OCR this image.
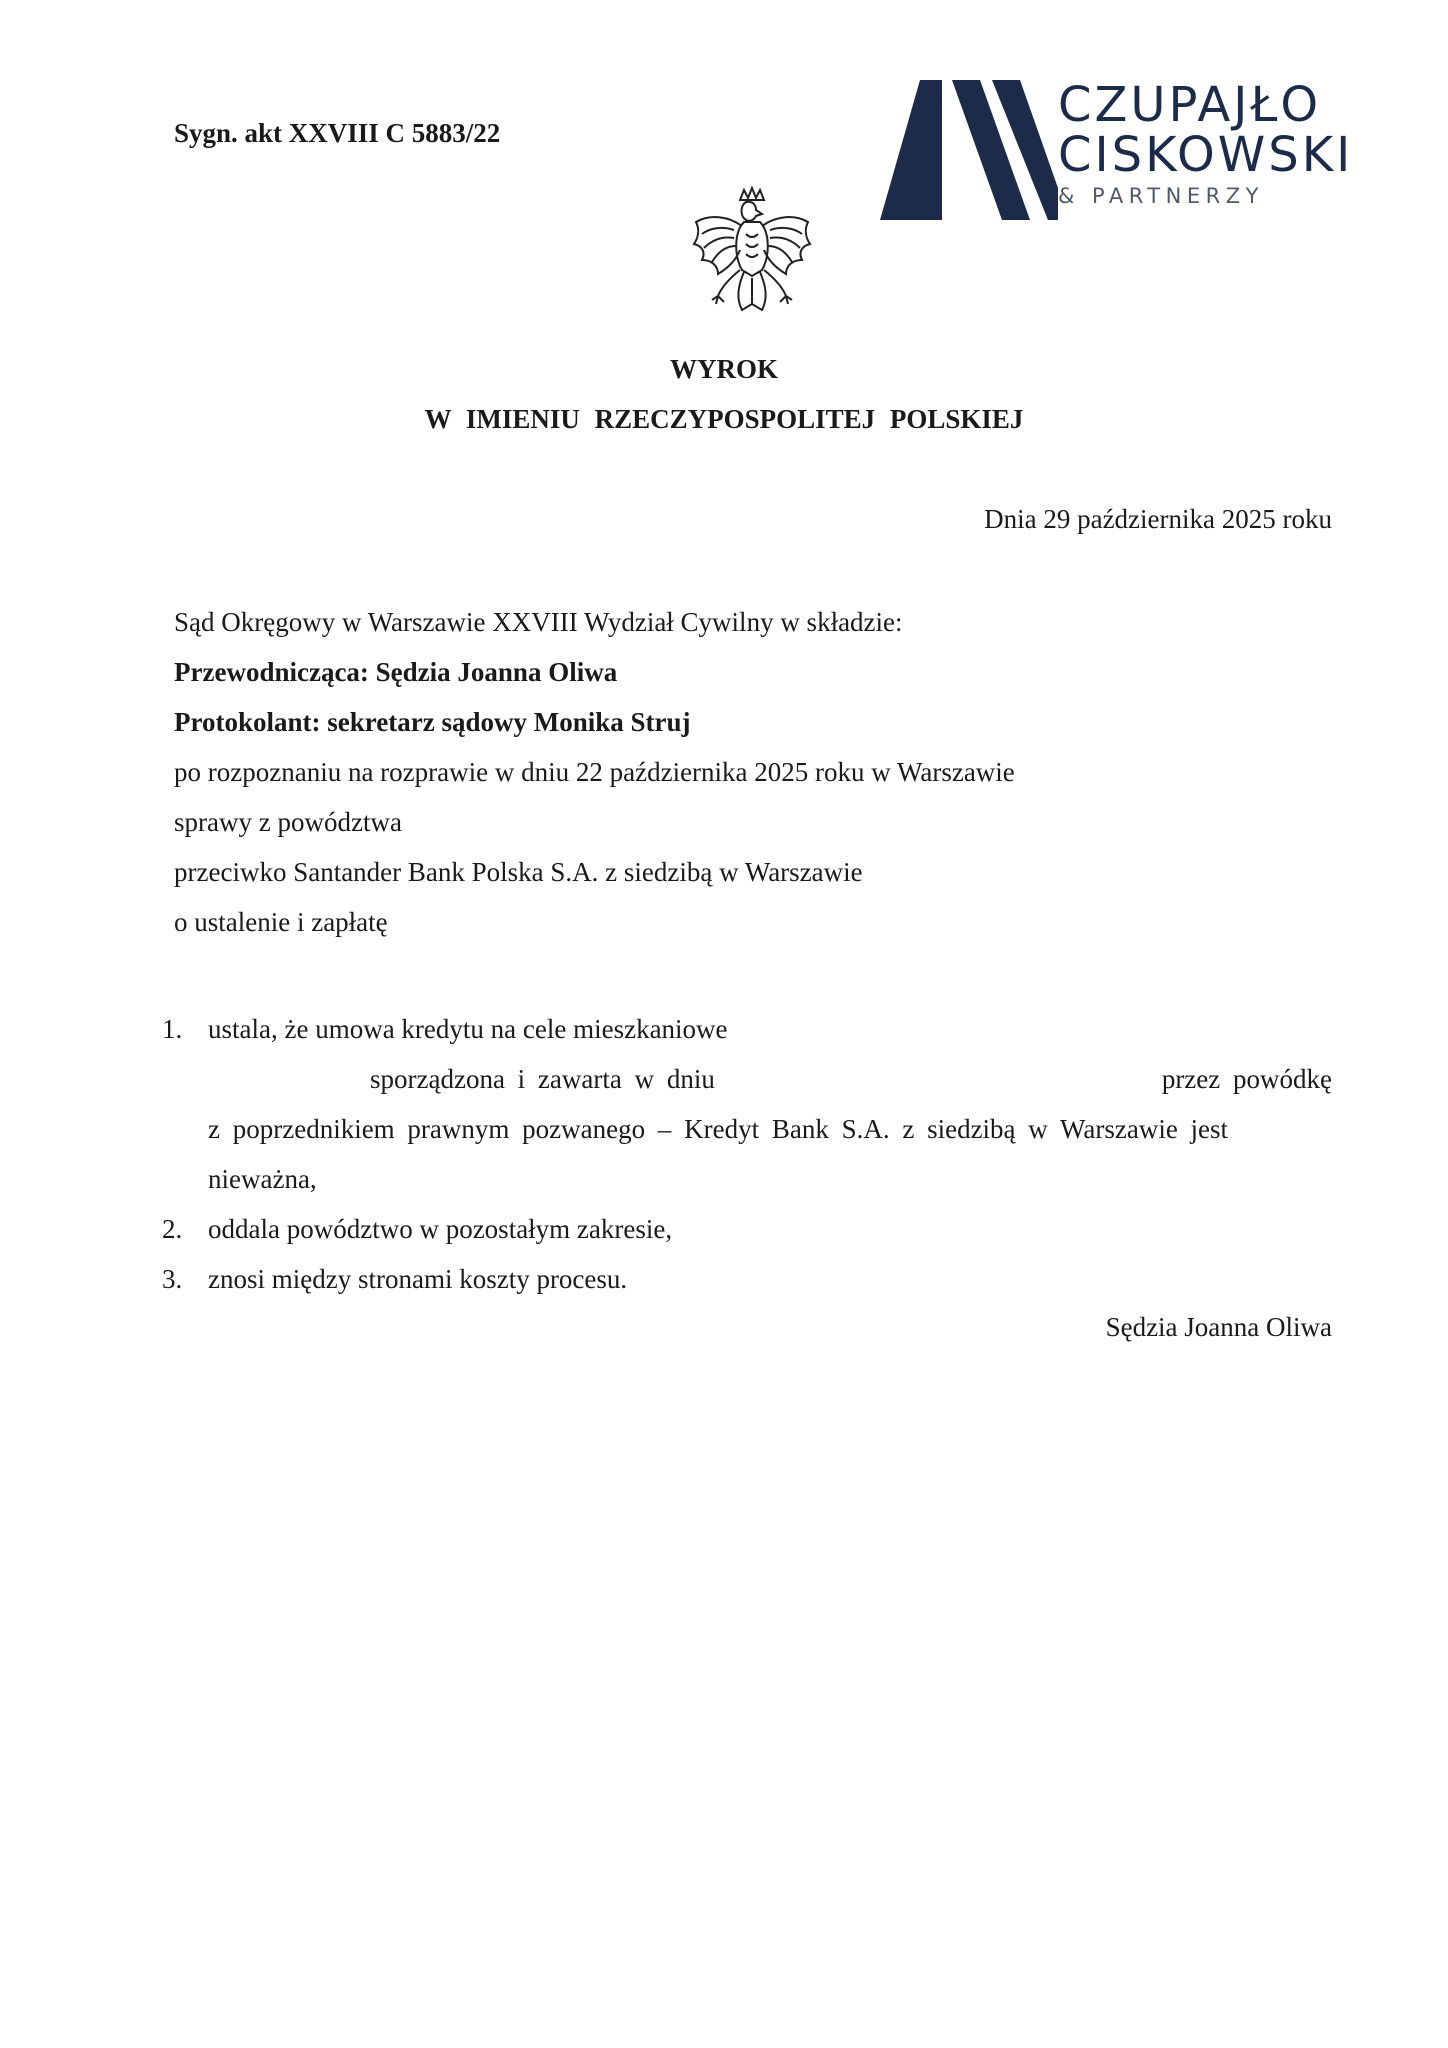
Sygn. akt XXVIII C 5883/22	CZUPAJŁO
CISKOWSKI
& PARTNERZY
WYROK
W IMIENIU RZECZYPOSPOLITEJ POLSKIEJ
Dnia 29 października 2025 roku
Sąd Okręgowy w Warszawie XXVIII Wydział Cywilny w składzie:
Przewodnicząca: Sędzia Joanna Oliwa
Protokolant: sekretarz sądowy Monika Struj
po rozpoznaniu na rozprawie w dniu 22 października 2025 roku w Warszawie
sprawy z powództwa
przeciwko Santander Bank Polska S.A. z siedzibą w Warszawie
o ustalenie i zapłatę
1. ustala, że umowa kredytu na cele mieszkaniowe
sporządzona i zawarta w dniu	przez powódkę
z poprzednikiem prawnym pozwanego – Kredyt Bank S.A. z siedzibą w Warszawie jest
nieważna,
2. oddala powództwo w pozostałym zakresie,
3. znosi między stronami koszty procesu.
Sędzia Joanna Oliwa
